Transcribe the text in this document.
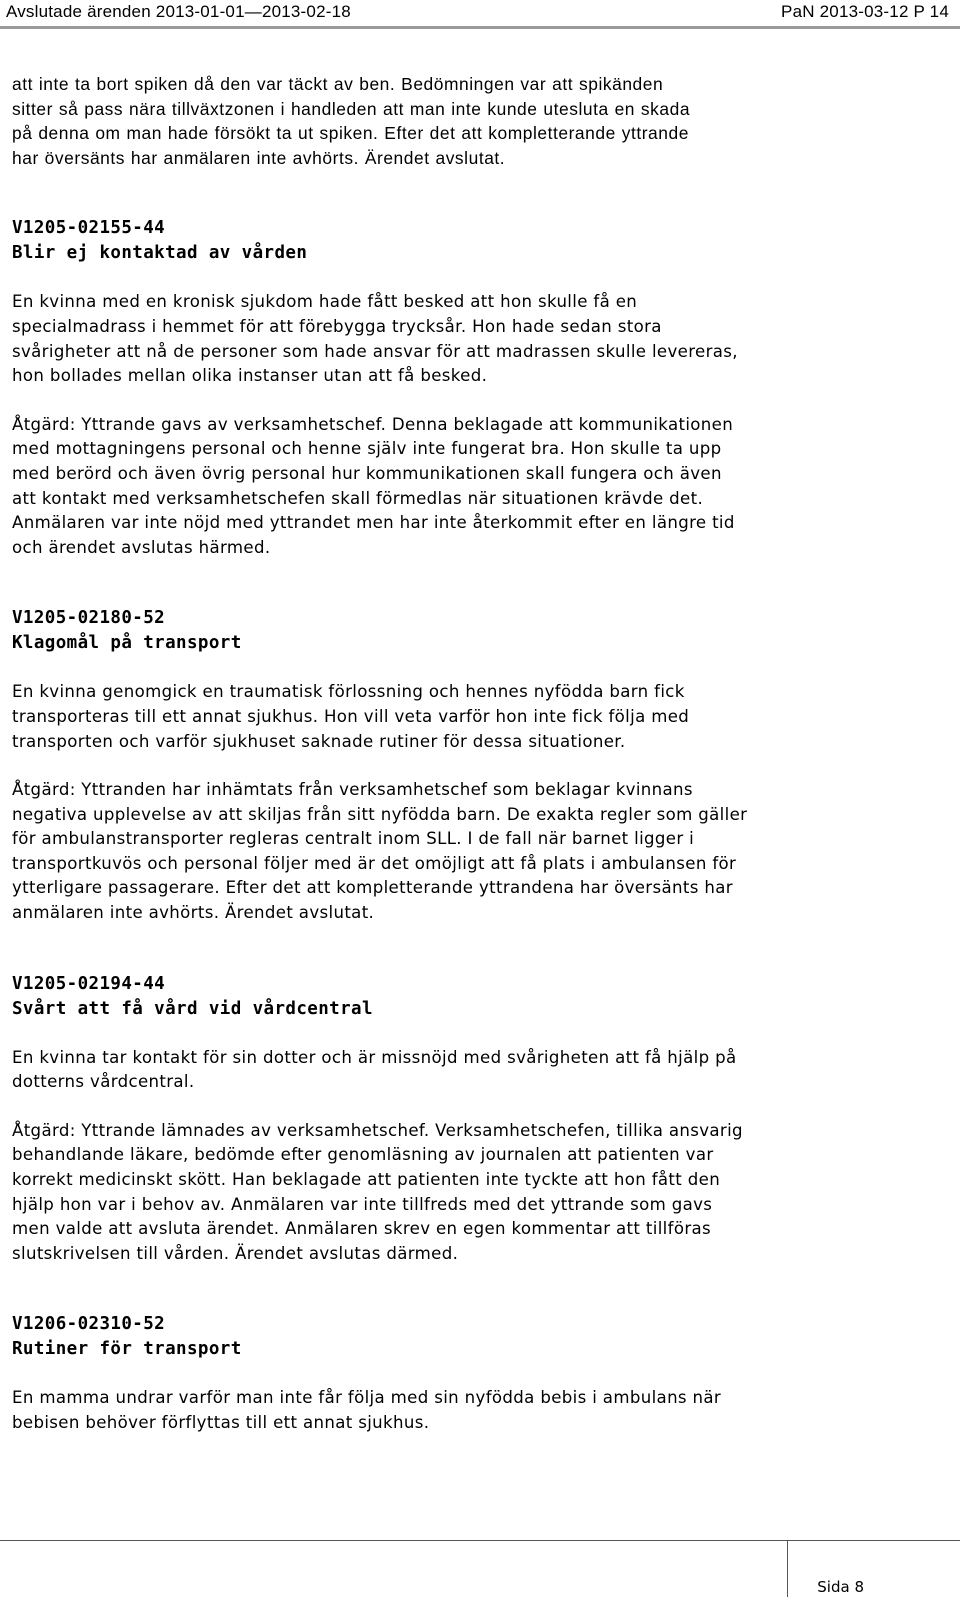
Avslutade ärenden 2013-01-01—2013-02-18	PaN 2013-03-12 P 14

att inte ta bort spiken då den var täckt av ben. Bedömningen var att spikänden
sitter så pass nära tillväxtzonen i handleden att man inte kunde utesluta en skada
på denna om man hade försökt ta ut spiken. Efter det att kompletterande yttrande
har översänts har anmälaren inte avhörts. Ärendet avslutat.

V1205-02155-44

Blir ej kontaktad av vården

En kvinna med en kronisk sjukdom hade fått besked att hon skulle få en
specialmadrass i hemmet för att förebygga trycksår. Hon hade sedan stora
svårigheter att nå de personer som hade ansvar för att madrassen skulle levereras,
hon bollades mellan olika instanser utan att få besked.

Åtgärd: Yttrande gavs av verksamhetschef. Denna beklagade att kommunikationen
med mottagningens personal och henne själv inte fungerat bra. Hon skulle ta upp
med berörd och även övrig personal hur kommunikationen skall fungera och även
att kontakt med verksamhetschefen skall förmedlas när situationen krävde det.
Anmälaren var inte nöjd med yttrandet men har inte återkommit efter en längre tid
och ärendet avslutas härmed.

V1205-02180-52

Klagomål på transport

En kvinna genomgick en traumatisk förlossning och hennes nyfödda barn fick
transporteras till ett annat sjukhus. Hon vill veta varför hon inte fick följa med
transporten och varför sjukhuset saknade rutiner för dessa situationer.

Åtgärd: Yttranden har inhämtats från verksamhetschef som beklagar kvinnans
negativa upplevelse av att skiljas från sitt nyfödda barn. De exakta regler som gäller
för ambulanstransporter regleras centralt inom SLL. I de fall när barnet ligger i
transportkuvös och personal följer med är det omöjligt att få plats i ambulansen för
ytterligare passagerare. Efter det att kompletterande yttrandena har översänts har
anmälaren inte avhörts. Ärendet avslutat.

V1205-02194-44

Svårt att få vård vid vårdcentral

En kvinna tar kontakt för sin dotter och är missnöjd med svårigheten att få hjälp på
dotterns vårdcentral.

Åtgärd: Yttrande lämnades av verksamhetschef. Verksamhetschefen, tillika ansvarig
behandlande läkare, bedömde efter genomläsning av journalen att patienten var
korrekt medicinskt skött. Han beklagade att patienten inte tyckte att hon fått den
hjälp hon var i behov av. Anmälaren var inte tillfreds med det yttrande som gavs
men valde att avsluta ärendet. Anmälaren skrev en egen kommentar att tillföras
slutskrivelsen till vården. Ärendet avslutas därmed.

V1206-02310-52

Rutiner för transport

En mamma undrar varför man inte får följa med sin nyfödda bebis i ambulans när
bebisen behöver förflyttas till ett annat sjukhus.

Sida 8
